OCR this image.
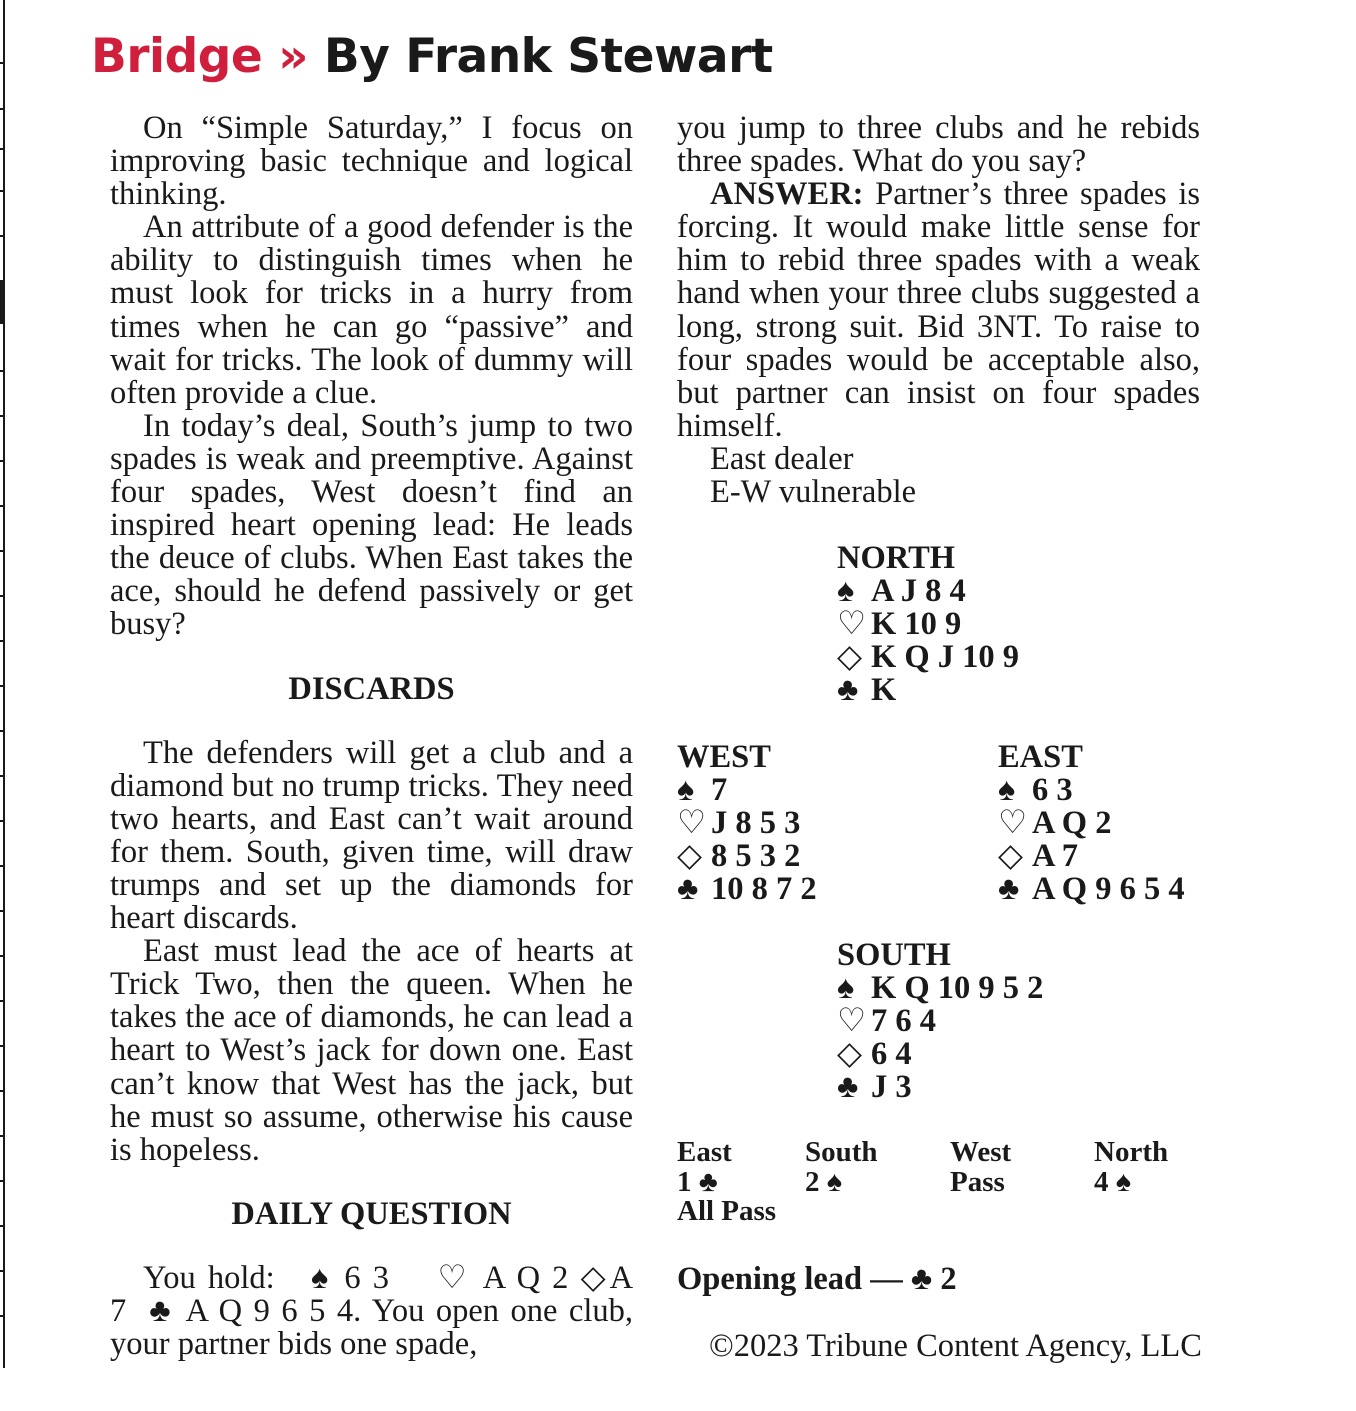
Bridge » By Frank Stewart

On “Simple Saturday,” I focus on improving basic technique and logical thinking.

An attribute of a good defender is the ability to distinguish times when he must look for tricks in a hurry from times when he can go “passive” and wait for tricks. The look of dummy will often provide a clue.

In today’s deal, South’s jump to two spades is weak and preemptive. Against four spades, West doesn’t find an inspired heart opening lead: He leads the deuce of clubs. When East takes the ace, should he defend passively or get busy?

DISCARDS

The defenders will get a club and a diamond but no trump tricks. They need two hearts, and East can’t wait around for them. South, given time, will draw trumps and set up the diamonds for heart discards.

East must lead the ace of hearts at Trick Two, then the queen. When he takes the ace of diamonds, he can lead a heart to West’s jack for down one. East can’t know that West has the jack, but he must so assume, otherwise his cause is hopeless.

DAILY QUESTION

You hold: ♠ 6 3 ♡ A Q 2 ◇A 7 ♣ A Q 9 6 5 4. You open one club, your partner bids one spade,

you jump to three clubs and he rebids three spades. What do you say?

ANSWER: Partner’s three spades is forcing. It would make little sense for him to rebid three spades with a weak hand when your three clubs suggested a long, strong suit. Bid 3NT. To raise to four spades would be acceptable also, but partner can insist on four spades himself.

East dealer

E-W vulnerable

NORTH
♠ A J 8 4
♡ K 10 9
◇ K Q J 10 9
♣ K
WEST
♠ 7
♡ J 8 5 3
◇ 8 5 3 2
♣ 10 8 7 2
EAST
♠ 6 3
♡ A Q 2
◇ A 7
♣ A Q 9 6 5 4
SOUTH
♠ K Q 10 9 5 2
♡ 7 6 4
◇ 6 4
♣ J 3
East	South West	North
1 ♣	2 ♠	Pass	4 ♠
All Pass
Opening lead — ♣ 2
©2023 Tribune Content Agency, LLC
